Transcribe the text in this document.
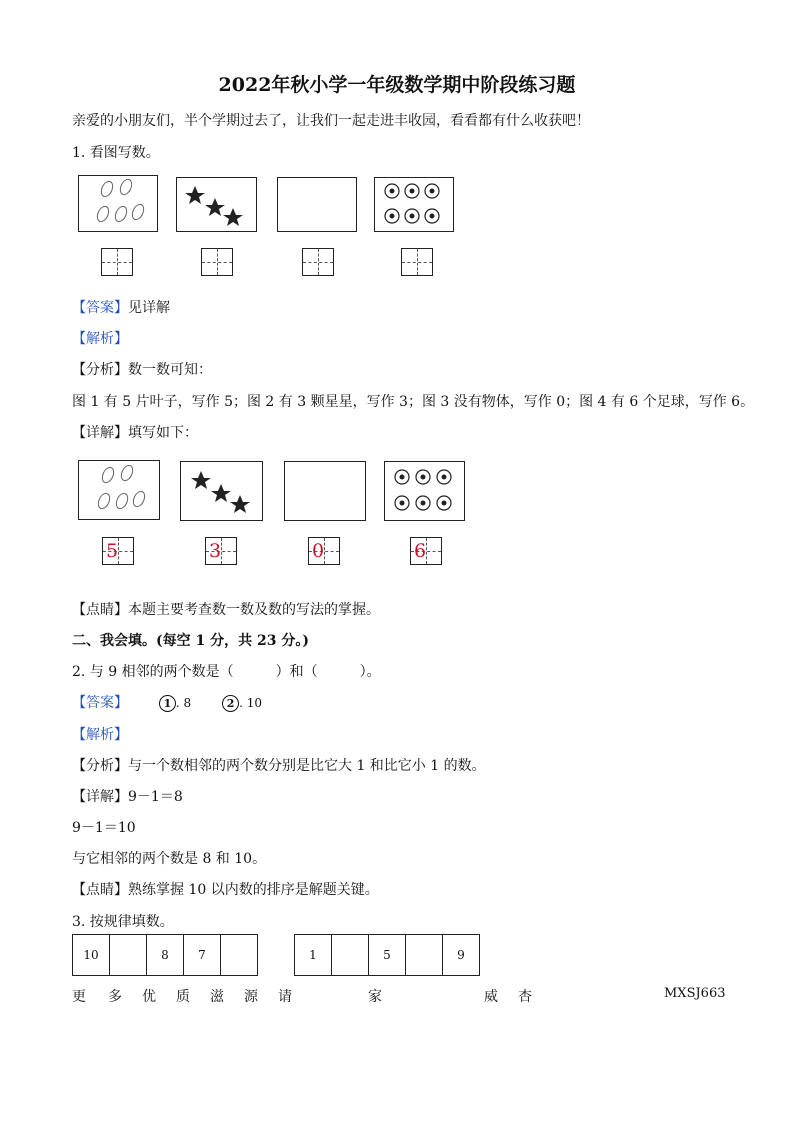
2022年秋小学一年级数学期中阶段练习题
亲爱的小朋友们，半个学期过去了，让我们一起走进丰收园，看看都有什么收获吧！
1. 看图写数。
【答案】见详解
【解析】
【分析】数一数可知：
图 1 有 5 片叶子，写作 5；图 2 有 3 颗星星，写作 3；图 3 没有物体，写作 0；图 4 有 6 个足球，写作 6。
【详解】填写如下：
5	3	0	6
【点睛】本题主要考查数一数及数的写法的掌握。
二、我会填。(每空 1 分，共 23 分。)
2. 与 9 相邻的两个数是（　　　）和（　　　）。
【答案】	1 . 8	2 . 10
【解析】
【分析】与一个数相邻的两个数分别是比它大 1 和比它小 1 的数。
【详解】9－1＝8
9－1＝10
与它相邻的两个数是 8 和 10。
【点睛】熟练掌握 10 以内数的排序是解题关键。
3. 按规律填数。
10		8	7		1		5		9
更 多 优 质 滋 源 请	家	威 杏	MXSJ663
